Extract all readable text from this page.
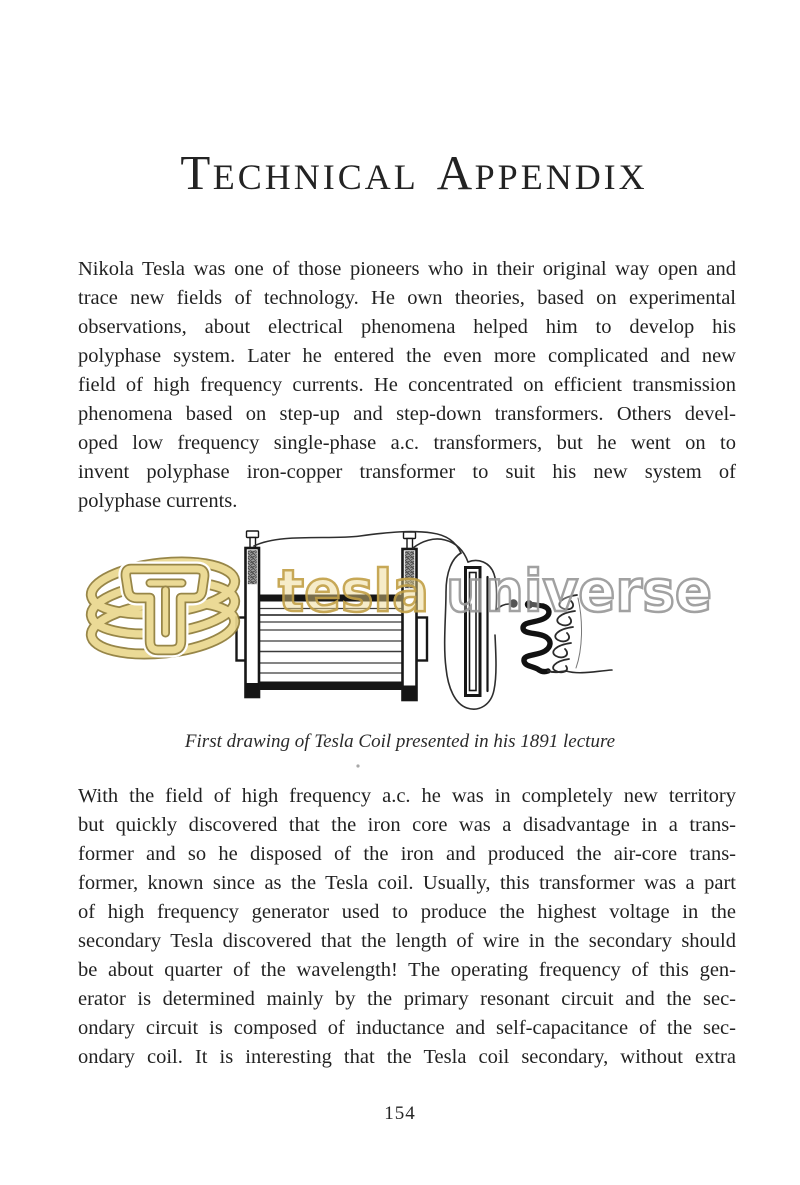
tesla universe
TECHNICAL APPENDIX
Nikola Tesla was one of those pioneers who in their original way open and
trace new fields of technology. He own theories, based on experimental
observations, about electrical phenomena helped him to develop his
polyphase system. Later he entered the even more complicated and new
field of high frequency currents. He concentrated on efficient transmission
phenomena based on step-up and step-down transformers. Others devel-
oped low frequency single-phase a.c. transformers, but he went on to
invent polyphase iron-copper transformer to suit his new system of
polyphase currents.
First drawing of Tesla Coil presented in his 1891 lecture
With the field of high frequency a.c. he was in completely new territory
but quickly discovered that the iron core was a disadvantage in a trans-
former and so he disposed of the iron and produced the air-core trans-
former, known since as the Tesla coil. Usually, this transformer was a part
of high frequency generator used to produce the highest voltage in the
secondary Tesla discovered that the length of wire in the secondary should
be about quarter of the wavelength! The operating frequency of this gen-
erator is determined mainly by the primary resonant circuit and the sec-
ondary circuit is composed of inductance and self-capacitance of the sec-
ondary coil. It is interesting that the Tesla coil secondary, without extra
154
